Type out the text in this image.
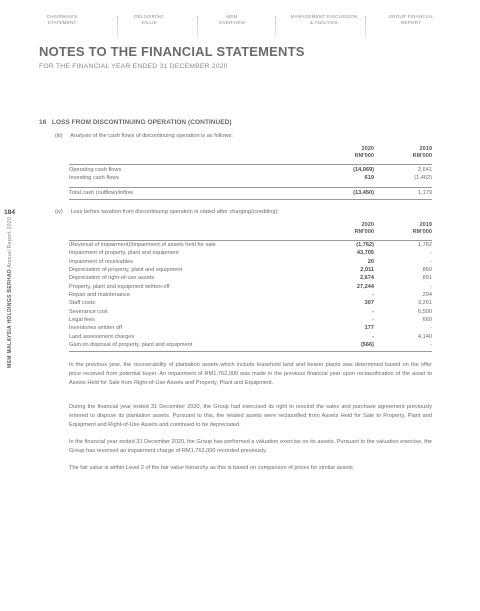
CHAIRMAN'S
STATEMENT
DELIVERING
VALUE
MSM
OVERVIEW
MANAGEMENT DISCUSSION
& ANALYSIS
GROUP FINANCIAL
REPORT
NOTES TO THE FINANCIAL STATEMENTS
FOR THE FINANCIAL YEAR ENDED 31 DECEMBER 2020
184
MSM MALAYSIA HOLDINGS BERHAD Annual Report 2020
16 LOSS FROM DISCONTINUING OPERATION (CONTINUED)
(iii) Analysis of the cash flows of discontinuing operation is as follows:
2020
RM'000
2019
RM'000
Operating cash flows	(14,069)	2,641
Investing cash flows	619	(1,462)
Total cash (outflow)/inflow	(13,450)	1,179
(iv) Loss before taxation from discontinuing operation is stated after charging/(crediting):
2020
RM'000
2019
RM'000
(Reversal of impairment)/Impairment of assets held for sale	(1,762)	1,762
Impairment of property, plant and equipment	43,705	-
Impairment of receivables	20	-
Depreciation of property, plant and equipment	2,011	860
Depreciation of right-of-use assets	2,674	891
Property, plant and equipment written-off	27,244	-
Repair and maintenance	-	294
Staff costs	307	3,261
Severance cost	-	6,500
Legal fees	-	660
Inventories written off	177	-
Land assessment charges	-	4,140
Gain on disposal of property, plant and equipment	(566)	-
In the previous year, the recoverability of plantation assets which include leasehold land and bearer plants was determined based on the offer price received from potential buyer. An impairment of RM1,762,000 was made in the previous financial year upon reclassification of the asset to Assets Held for Sale from Right-of-Use Assets and Property, Plant and Equipment.
During the financial year ended 31 December 2020, the Group had exercised its right to rescind the sales and purchase agreement previously entered to dispose its plantation assets. Pursuant to this, the related assets were reclassified from Assets Held for Sale to Property, Plant and Equipment and Right-of-Use Assets and continued to be depreciated.
In the financial year ended 31 December 2020, the Group has performed a valuation exercise on its assets. Pursuant to the valuation exercise, the Group has reversed an impairment charge of RM1,762,000 recorded previously.
The fair value is within Level 2 of the fair value hierarchy as this is based on comparison of prices for similar assets.
